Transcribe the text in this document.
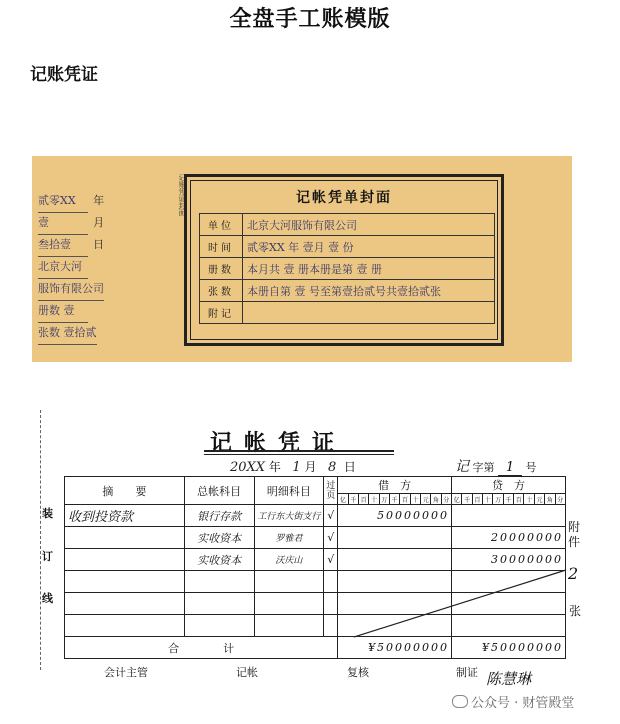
全盘手工账模版
记账凭证
贰零XX 年
壹	月
叁拾壹 日
北京大河
服饰有限公司
册数 壹
张数 壹拾贰
记账凭证封面	记帐凭单封面
单位	北京大河服饰有限公司
时间	贰零XX 年 壹月 壹 份
册数	本月共 壹 册本册是第 壹 册
张数	本册自第 壹 号至第壹拾贰号共壹拾贰张
附记	
装
订
线
记帐凭证
20XX 年 1 月 8 日	记 字第 1 号
摘　　要	总帐科目	明细科目	过页	借　方											贷　方										
				亿	千	百	十	万	千	百	十	元	角	分	亿	千	百	十	万	千	百	十	元	角	分
收到投资款	银行存款	工行东大街支行	√	50000000																					
	实收资本	罗雅君	√												20000000										
	实收资本	沃庆山	√												30000000										

合　　　　计				¥50000000											¥50000000										
附件
2
张
会计主管	记帐	复核	制证 陈慧琳
公众号 · 财管殿堂
